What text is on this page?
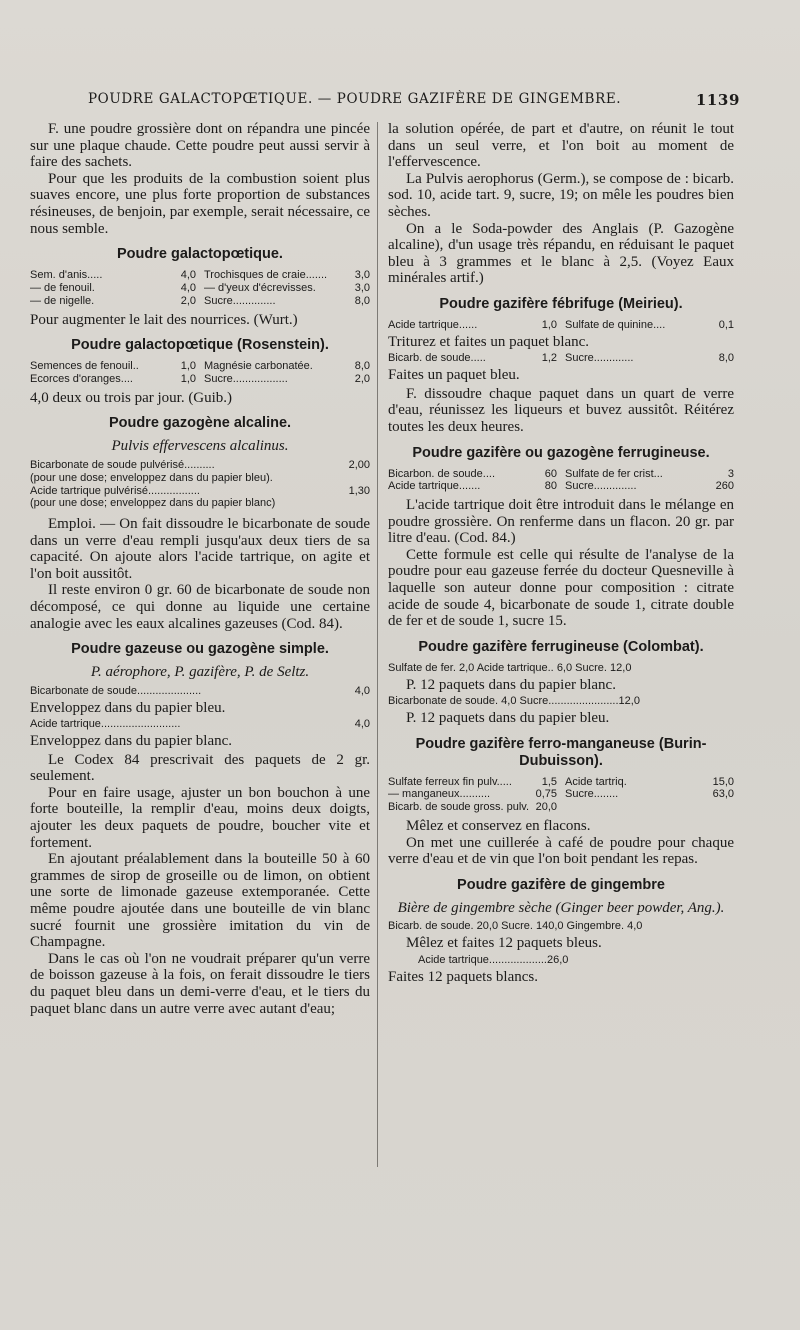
POUDRE GALACTOPŒTIQUE. — POUDRE GAZIFÈRE DE GINGEMBRE.	1139

F. une poudre grossière dont on répandra une pincée sur une plaque chaude. Cette poudre peut aussi servir à faire des sachets.

Pour que les produits de la combustion soient plus suaves encore, une plus forte proportion de substances résineuses, de benjoin, par exemple, serait nécessaire, ce nous semble.

Poudre galactopœtique.
Sem. d'anis.....	4,0 Trochisques de craie.......	3,0
— de fenouil.	4,0 — d'yeux d'écrevisses.	3,0
— de nigelle.	2,0 Sucre..............	8,0

Pour augmenter le lait des nourrices. (Wurt.)

Poudre galactopœtique (Rosenstein).
Semences de fenouil..	1,0 Magnésie carbonatée.	8,0
Ecorces d'oranges....	1,0 Sucre..................	2,0

4,0 deux ou trois par jour. (Guib.)

Poudre gazogène alcaline.
Pulvis effervescens alcalinus.
Bicarbonate de soude pulvérisé..........	2,00
(pour une dose; enveloppez dans du papier bleu).
Acide tartrique pulvérisé.................	1,30
(pour une dose; enveloppez dans du papier blanc)

Emploi. — On fait dissoudre le bicarbonate de soude dans un verre d'eau rempli jusqu'aux deux tiers de sa capacité. On ajoute alors l'acide tartrique, on agite et l'on boit aussitôt.

Il reste environ 0 gr. 60 de bicarbonate de soude non décomposé, ce qui donne au liquide une certaine analogie avec les eaux alcalines gazeuses (Cod. 84).

Poudre gazeuse ou gazogène simple.
P. aérophore, P. gazifère, P. de Seltz.
Bicarbonate de soude.....................	4,0

Enveloppez dans du papier bleu.

Acide tartrique..........................	4,0

Enveloppez dans du papier blanc.

Le Codex 84 prescrivait des paquets de 2 gr. seulement.

Pour en faire usage, ajuster un bon bouchon à une forte bouteille, la remplir d'eau, moins deux doigts, ajouter les deux paquets de poudre, boucher vite et fortement.

En ajoutant préalablement dans la bouteille 50 à 60 grammes de sirop de groseille ou de limon, on obtient une sorte de limonade gazeuse extemporanée. Cette même poudre ajoutée dans une bouteille de vin blanc sucré fournit une grossière imitation du vin de Champagne.

Dans le cas où l'on ne voudrait préparer qu'un verre de boisson gazeuse à la fois, on ferait dissoudre le tiers du paquet bleu dans un demi-verre d'eau, et le tiers du paquet blanc dans un autre verre avec autant d'eau;

la solution opérée, de part et d'autre, on réunit le tout dans un seul verre, et l'on boit au moment de l'effervescence.

La Pulvis aerophorus (Germ.), se compose de : bicarb. sod. 10, acide tart. 9, sucre, 19; on mêle les poudres bien sèches.

On a le Soda-powder des Anglais (P. Gazogène alcaline), d'un usage très répandu, en réduisant le paquet bleu à 3 grammes et le blanc à 2,5. (Voyez Eaux minérales artif.)

Poudre gazifère fébrifuge (Meirieu).
Acide tartrique......	1,0 Sulfate de quinine....	0,1

Triturez et faites un paquet blanc.

Bicarb. de soude.....	1,2 Sucre.............	8,0

Faites un paquet bleu.

F. dissoudre chaque paquet dans un quart de verre d'eau, réunissez les liqueurs et buvez aussitôt. Réitérez toutes les deux heures.

Poudre gazifère ou gazogène ferrugineuse.
Bicarbon. de soude....	60 Sulfate de fer crist...	3
Acide tartrique.......	80 Sucre..............	260

L'acide tartrique doit être introduit dans le mélange en poudre grossière. On renferme dans un flacon. 20 gr. par litre d'eau. (Cod. 84.)

Cette formule est celle qui résulte de l'analyse de la poudre pour eau gazeuse ferrée du docteur Quesneville à laquelle son auteur donne pour composition : citrate acide de soude 4, bicarbonate de soude 1, citrate double de fer et de soude 1, sucre 15.

Poudre gazifère ferrugineuse (Colombat).
Sulfate de fer. 2,0 Acide tartrique.. 6,0 Sucre. 12,0

P. 12 paquets dans du papier blanc.

Bicarbonate de soude. 4,0 Sucre.......................12,0

P. 12 paquets dans du papier bleu.

Poudre gazifère ferro-manganeuse (Burin-Dubuisson).
Sulfate ferreux fin pulv.....	1,5 Acide tartriq.	15,0
— manganeux..........	0,75 Sucre........	63,0
Bicarb. de soude gross. pulv. 20,0

Mêlez et conservez en flacons.

On met une cuillerée à café de poudre pour chaque verre d'eau et de vin que l'on boit pendant les repas.

Poudre gazifère de gingembre
Bière de gingembre sèche (Ginger beer powder, Ang.).
Bicarb. de soude. 20,0 Sucre. 140,0 Gingembre. 4,0

Mêlez et faites 12 paquets bleus.

Acide tartrique...................26,0

Faites 12 paquets blancs.
